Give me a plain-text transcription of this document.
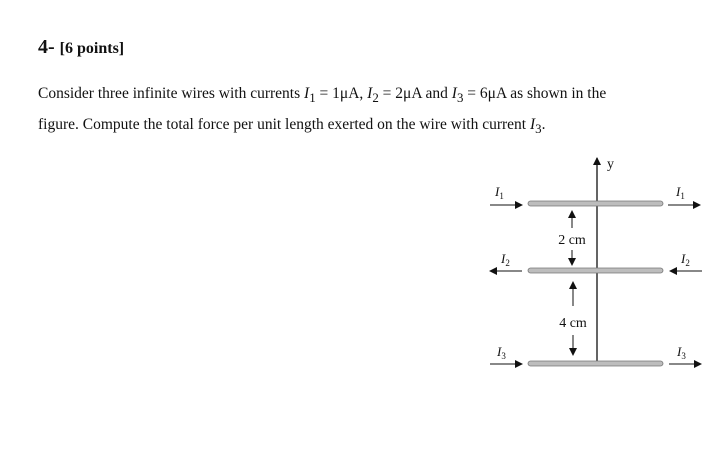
4- [6 points]
Consider three infinite wires with currents $I_1 = 1\mu A$, $I_2 = 2\mu A$ and $I_3 = 6\mu A$ as shown in the
figure. Compute the total force per unit length exerted on the wire with current $I_3$.
y
$I_1$	$I_1$
$I_2$	$I_2$
$I_3$	$I_3$
2 cm
4 cm
